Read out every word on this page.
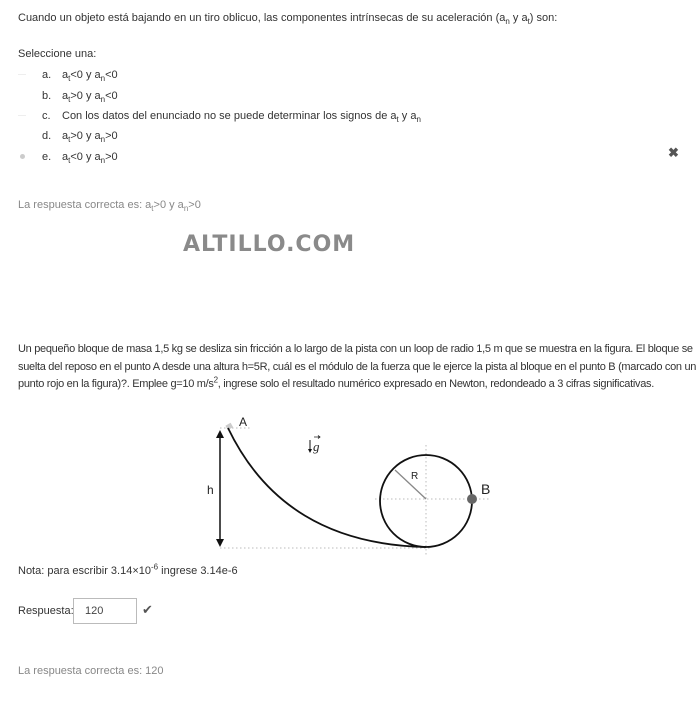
Cuando un objeto está bajando en un tiro oblicuo, las componentes intrínsecas de su aceleración ($a_n$ y $a_t$) son:
Seleccione una:
a. $a_t<0$ y $a_n<0$
b. $a_t>0$ y $a_n<0$
c.	Con los datos del enunciado no se puede determinar los signos de $a_t$ y $a_n$
d. $a_t>0$ y $a_n>0$
e. $a_t<0$ y $a_n>0$	✖
La respuesta correcta es: $a_t>0$ y $a_n>0$
ALTILLO.COM
Un pequeño bloque de masa 1,5 kg se desliza sin fricción a lo largo de la pista con un loop de radio 1,5 m que se muestra en la figura. El bloque se suelta del reposo en el punto A desde una altura h=5R, cuál es el módulo de la fuerza que le ejerce la pista al bloque en el punto B (marcado con un punto rojo en la figura)?. Emplee g=10 $m/s^2$, ingrese solo el resultado numérico expresado en Newton, redondeado a 3 cifras significativas.
A
h
g
R
B
Nota: para escribir $3.14\times 10^{-6}$ ingrese 3.14e-6
Respuesta:	120	✔
La respuesta correcta es: 120
